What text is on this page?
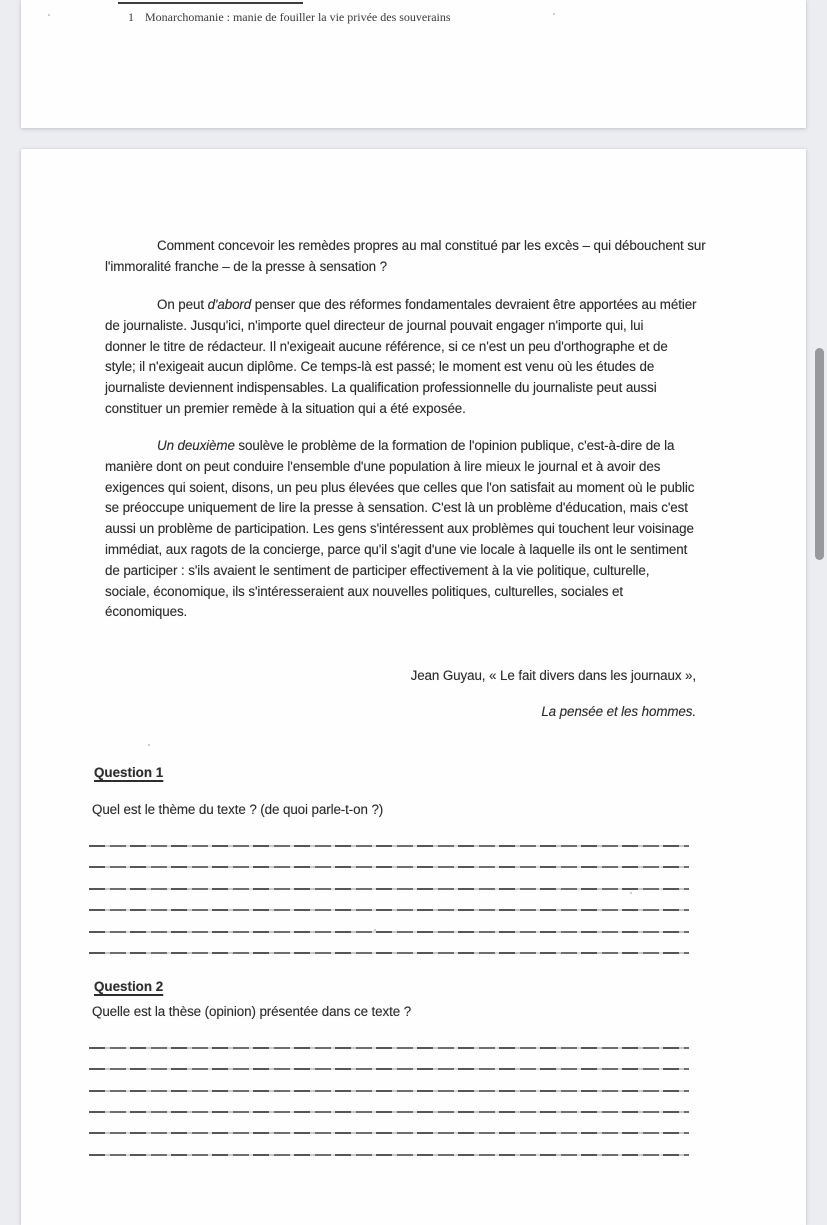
1 Monarchomanie : manie de fouiller la vie privée des souverains
Comment concevoir les remèdes propres au mal constitué par les excès – qui débouchent sur
l'immoralité franche – de la presse à sensation ?
On peut d'abord penser que des réformes fondamentales devraient être apportées au métier
de journaliste. Jusqu'ici, n'importe quel directeur de journal pouvait engager n'importe qui, lui
donner le titre de rédacteur. Il n'exigeait aucune référence, si ce n'est un peu d'orthographe et de
style; il n'exigeait aucun diplôme. Ce temps-là est passé; le moment est venu où les études de
journaliste deviennent indispensables. La qualification professionnelle du journaliste peut aussi
constituer un premier remède à la situation qui a été exposée.
Un deuxième soulève le problème de la formation de l'opinion publique, c'est-à-dire de la
manière dont on peut conduire l'ensemble d'une population à lire mieux le journal et à avoir des
exigences qui soient, disons, un peu plus élevées que celles que l'on satisfait au moment où le public
se préoccupe uniquement de lire la presse à sensation. C'est là un problème d'éducation, mais c'est
aussi un problème de participation. Les gens s'intéressent aux problèmes qui touchent leur voisinage
immédiat, aux ragots de la concierge, parce qu'il s'agit d'une vie locale à laquelle ils ont le sentiment
de participer : s'ils avaient le sentiment de participer effectivement à la vie politique, culturelle,
sociale, économique, ils s'intéresseraient aux nouvelles politiques, culturelles, sociales et
économiques.
Jean Guyau, « Le fait divers dans les journaux »,
La pensée et les hommes.
Question 1
Quel est le thème du texte ? (de quoi parle-t-on ?)
Question 2
Quelle est la thèse (opinion) présentée dans ce texte ?
